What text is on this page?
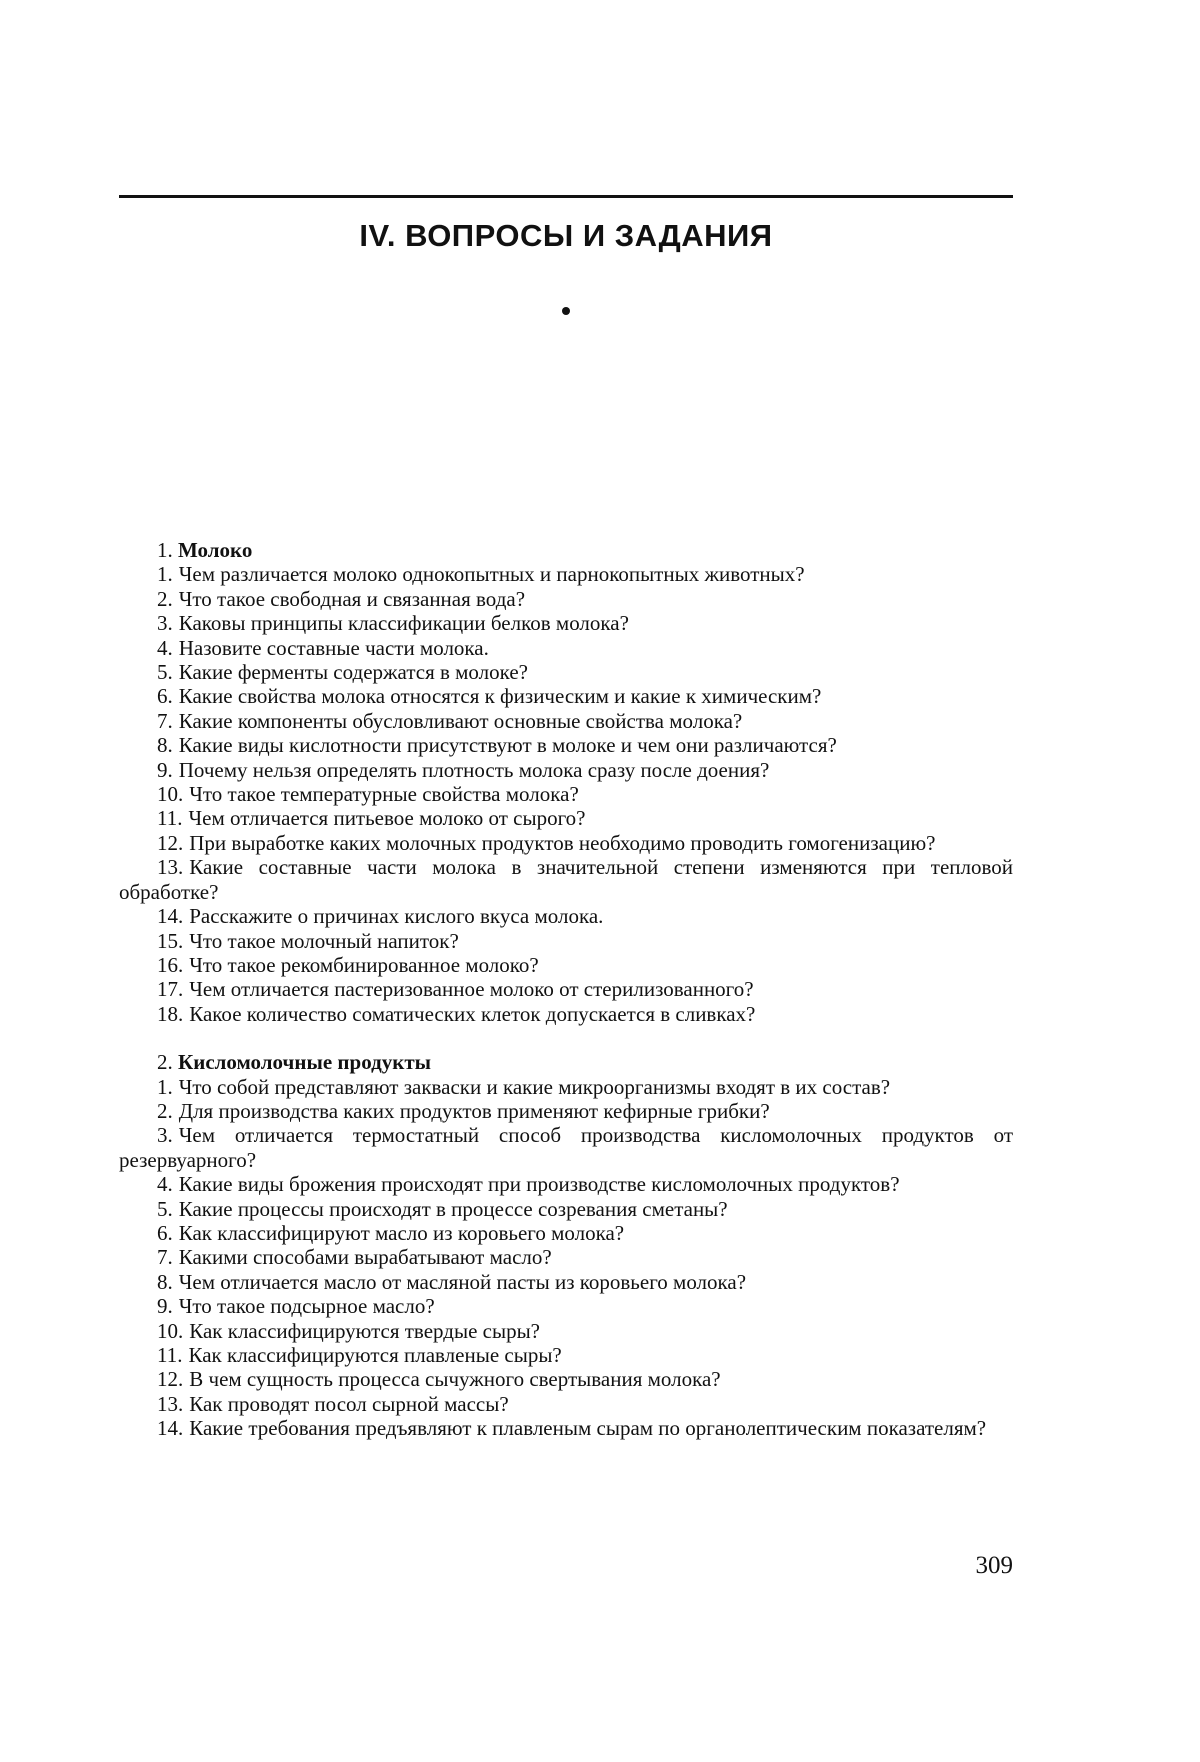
IV. ВОПРОСЫ И ЗАДАНИЯ

1. Молоко

1. Чем различается молоко однокопытных и парнокопытных животных?

2. Что такое свободная и связанная вода?

3. Каковы принципы классификации белков молока?

4. Назовите составные части молока.

5. Какие ферменты содержатся в молоке?

6. Какие свойства молока относятся к физическим и какие к химическим?

7. Какие компоненты обусловливают основные свойства молока?

8. Какие виды кислотности присутствуют в молоке и чем они различаются?

9. Почему нельзя определять плотность молока сразу после доения?

10. Что такое температурные свойства молока?

11. Чем отличается питьевое молоко от сырого?

12. При выработке каких молочных продуктов необходимо проводить гомогенизацию?

13. Какие составные части молока в значительной степени изменяются при тепловой обработке?

14. Расскажите о причинах кислого вкуса молока.

15. Что такое молочный напиток?

16. Что такое рекомбинированное молоко?

17. Чем отличается пастеризованное молоко от стерилизованного?

18. Какое количество соматических клеток допускается в сливках?

2. Кисломолочные продукты

1. Что собой представляют закваски и какие микроорганизмы входят в их состав?

2. Для производства каких продуктов применяют кефирные грибки?

3. Чем отличается термостатный способ производства кисломолочных продуктов от резервуарного?

4. Какие виды брожения происходят при производстве кисломолочных продуктов?

5. Какие процессы происходят в процессе созревания сметаны?

6. Как классифицируют масло из коровьего молока?

7. Какими способами вырабатывают масло?

8. Чем отличается масло от масляной пасты из коровьего молока?

9. Что такое подсырное масло?

10. Как классифицируются твердые сыры?

11. Как классифицируются плавленые сыры?

12. В чем сущность процесса сычужного свертывания молока?

13. Как проводят посол сырной массы?

14. Какие требования предъявляют к плавленым сырам по органолептическим показателям?

309
